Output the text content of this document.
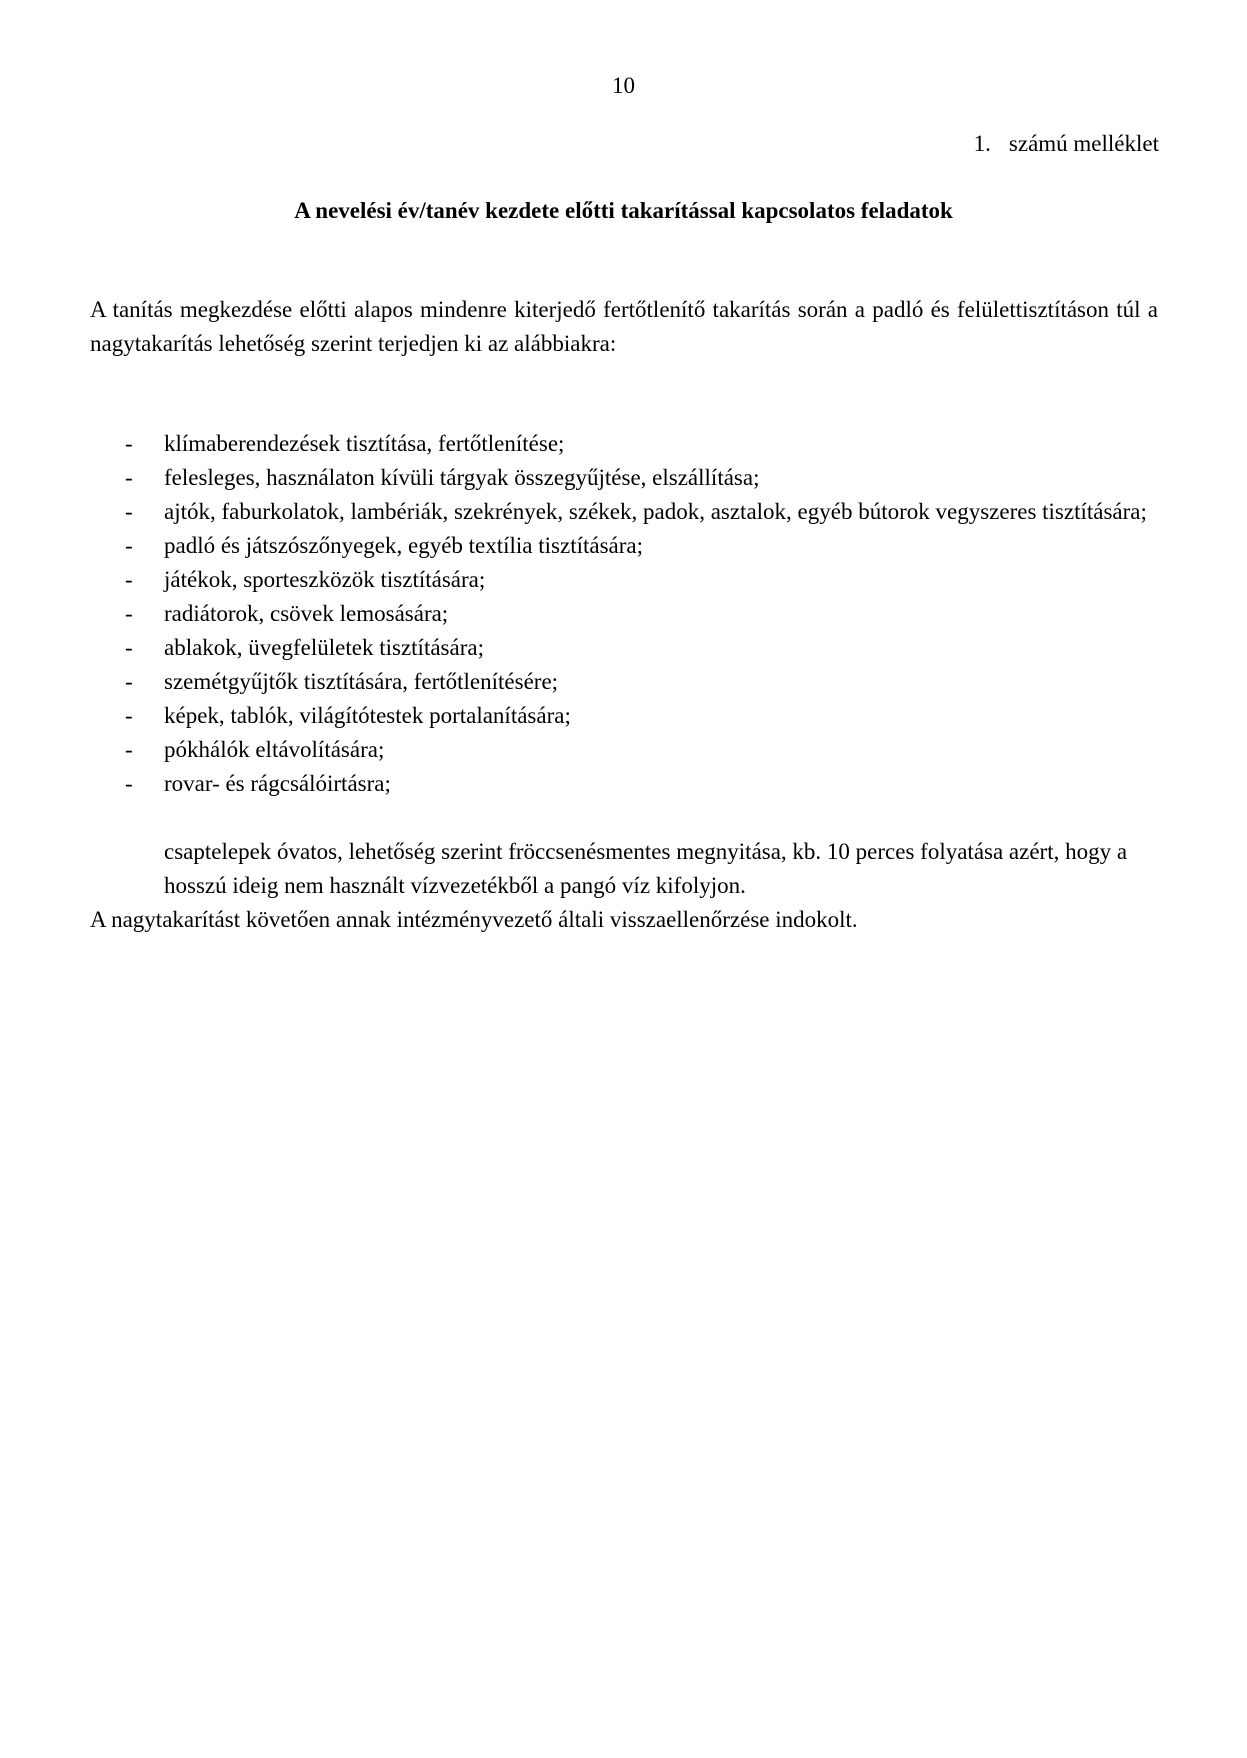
10
1. számú melléklet
A nevelési év/tanév kezdete előtti takarítással kapcsolatos feladatok

A tanítás megkezdése előtti alapos mindenre kiterjedő fertőtlenítő takarítás során a padló és felülettisztításon túl a nagytakarítás lehetőség szerint terjedjen ki az alábbiakra:

- klímaberendezések tisztítása, fertőtlenítése;
- felesleges, használaton kívüli tárgyak összegyűjtése, elszállítása;
- ajtók, faburkolatok, lambériák, szekrények, székek, padok, asztalok, egyéb bútorok vegyszeres tisztítására;
- padló és játszószőnyegek, egyéb textília tisztítására;
- játékok, sporteszközök tisztítására;
- radiátorok, csövek lemosására;
- ablakok, üvegfelületek tisztítására;
- szemétgyűjtők tisztítására, fertőtlenítésére;
- képek, tablók, világítótestek portalanítására;
- pókhálók eltávolítására;
- rovar- és rágcsálóirtásra;

csaptelepek óvatos, lehetőség szerint fröccsenésmentes megnyitása, kb. 10 perces folyatása azért, hogy a hosszú ideig nem használt vízvezetékből a pangó víz kifolyjon.

A nagytakarítást követően annak intézményvezető általi visszaellenőrzése indokolt.
